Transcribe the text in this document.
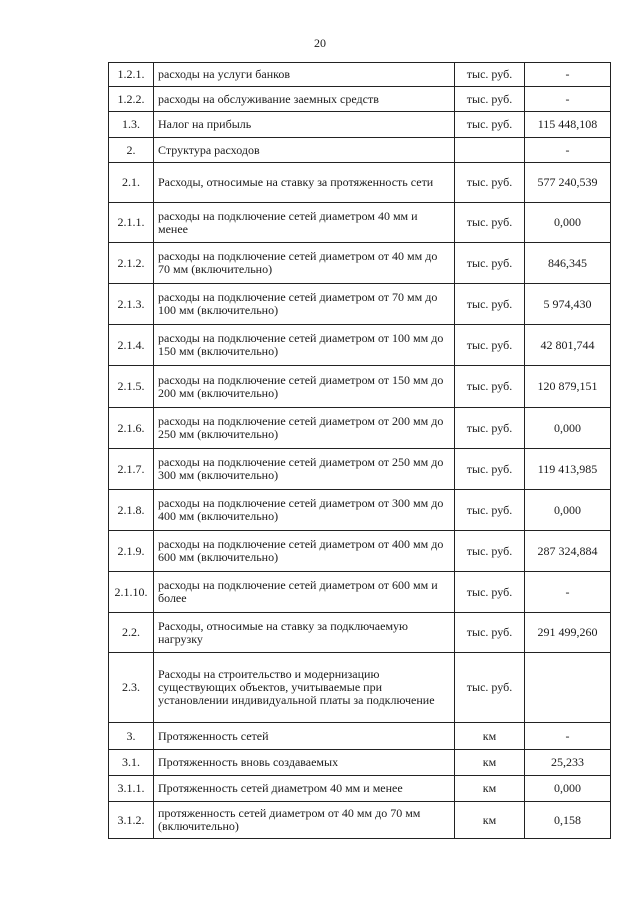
20
1.2.1.	расходы на услуги банков	тыс. руб.	-
1.2.2.	расходы на обслуживание заемных средств	тыс. руб.	-
1.3.	Налог на прибыль	тыс. руб.	115 448,108
2.	Структура расходов		-
2.1.	Расходы, относимые на ставку за протяженность сети	тыс. руб.	577 240,539
2.1.1.	расходы на подключение сетей диаметром 40 мм и менее	тыс. руб.	0,000
2.1.2.	расходы на подключение сетей диаметром от 40 мм до 70 мм (включительно)	тыс. руб.	846,345
2.1.3.	расходы на подключение сетей диаметром от 70 мм до 100 мм (включительно)	тыс. руб.	5 974,430
2.1.4.	расходы на подключение сетей диаметром от 100 мм до 150 мм (включительно)	тыс. руб.	42 801,744
2.1.5.	расходы на подключение сетей диаметром от 150 мм до 200 мм (включительно)	тыс. руб.	120 879,151
2.1.6.	расходы на подключение сетей диаметром от 200 мм до 250 мм (включительно)	тыс. руб.	0,000
2.1.7.	расходы на подключение сетей диаметром от 250 мм до 300 мм (включительно)	тыс. руб.	119 413,985
2.1.8.	расходы на подключение сетей диаметром от 300 мм до 400 мм (включительно)	тыс. руб.	0,000
2.1.9.	расходы на подключение сетей диаметром от 400 мм до 600 мм (включительно)	тыс. руб.	287 324,884
2.1.10.	расходы на подключение сетей диаметром от 600 мм и более	тыс. руб.	-
2.2.	Расходы, относимые на ставку за подключаемую нагрузку	тыс. руб.	291 499,260
2.3.	Расходы на строительство и модернизацию существующих объектов, учитываемые при установлении индивидуальной платы за подключение	тыс. руб.	
3.	Протяженность сетей	км	-
3.1.	Протяженность вновь создаваемых	км	25,233
3.1.1.	Протяженность сетей диаметром 40 мм и менее	км	0,000
3.1.2.	протяженность сетей диаметром от 40 мм до 70 мм (включительно)	км	0,158
